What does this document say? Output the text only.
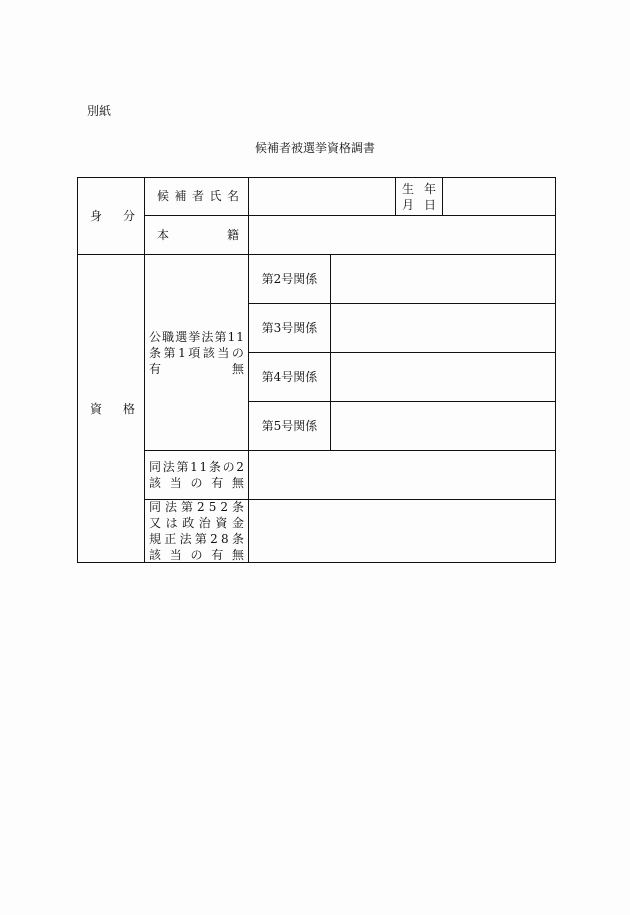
別紙
候補者被選挙資格調書
身 分
候 補 者 氏 名
生 年
月 日
本	籍
資 格
公 職 選 挙 法 第 1 1
条 第 1 項 該 当 の
有	無
第2号関係
第3号関係
第4号関係
第5号関係
同 法 第 1 1 条 の 2
該 当 の 有 無
同 法 第 2 5 2 条
又 は 政 治 資 金
規 正 法 第 2 8 条
該 当 の 有 無
